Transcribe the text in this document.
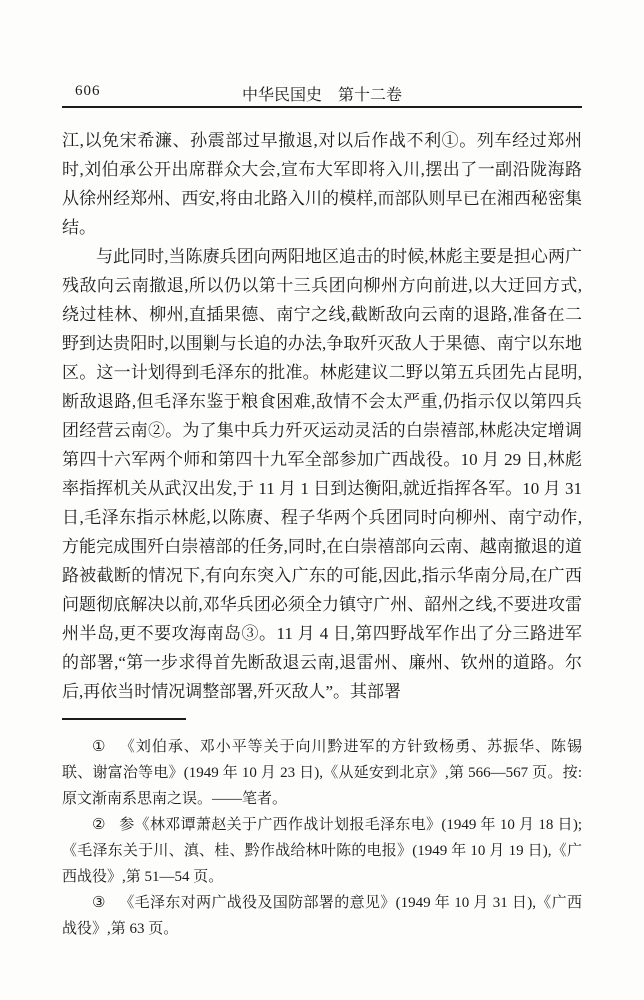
606	中华民国史　第十二卷

江,以免宋希濂、孙震部过早撤退,对以后作战不利①。列车经过郑州时,刘伯承公开出席群众大会,宣布大军即将入川,摆出了一副沿陇海路从徐州经郑州、西安,将由北路入川的模样,而部队则早已在湘西秘密集结。

与此同时,当陈赓兵团向两阳地区追击的时候,林彪主要是担心两广残敌向云南撤退,所以仍以第十三兵团向柳州方向前进,以大迂回方式,绕过桂林、柳州,直插果德、南宁之线,截断敌向云南的退路,准备在二野到达贵阳时,以围剿与长追的办法,争取歼灭敌人于果德、南宁以东地区。这一计划得到毛泽东的批准。林彪建议二野以第五兵团先占昆明,断敌退路,但毛泽东鉴于粮食困难,敌情不会太严重,仍指示仅以第四兵团经营云南②。为了集中兵力歼灭运动灵活的白崇禧部,林彪决定增调第四十六军两个师和第四十九军全部参加广西战役。10 月 29 日,林彪率指挥机关从武汉出发,于 11 月 1 日到达衡阳,就近指挥各军。10 月 31 日,毛泽东指示林彪,以陈赓、程子华两个兵团同时向柳州、南宁动作,方能完成围歼白崇禧部的任务,同时,在白崇禧部向云南、越南撤退的道路被截断的情况下,有向东突入广东的可能,因此,指示华南分局,在广西问题彻底解决以前,邓华兵团必须全力镇守广州、韶州之线,不要进攻雷州半岛,更不要攻海南岛③。11 月 4 日,第四野战军作出了分三路进军的部署,“第一步求得首先断敌退云南,退雷州、廉州、钦州的道路。尔后,再依当时情况调整部署,歼灭敌人”。其部署

① 《刘伯承、邓小平等关于向川黔进军的方针致杨勇、苏振华、陈锡联、谢富治等电》(1949 年 10 月 23 日),《从延安到北京》,第 566—567 页。按:原文渐南系思南之误。——笔者。

② 参《林邓谭萧赵关于广西作战计划报毛泽东电》(1949 年 10 月 18 日);《毛泽东关于川、滇、桂、黔作战给林叶陈的电报》(1949 年 10 月 19 日),《广西战役》,第 51—54 页。

③ 《毛泽东对两广战役及国防部署的意见》(1949 年 10 月 31 日),《广西战役》,第 63 页。
